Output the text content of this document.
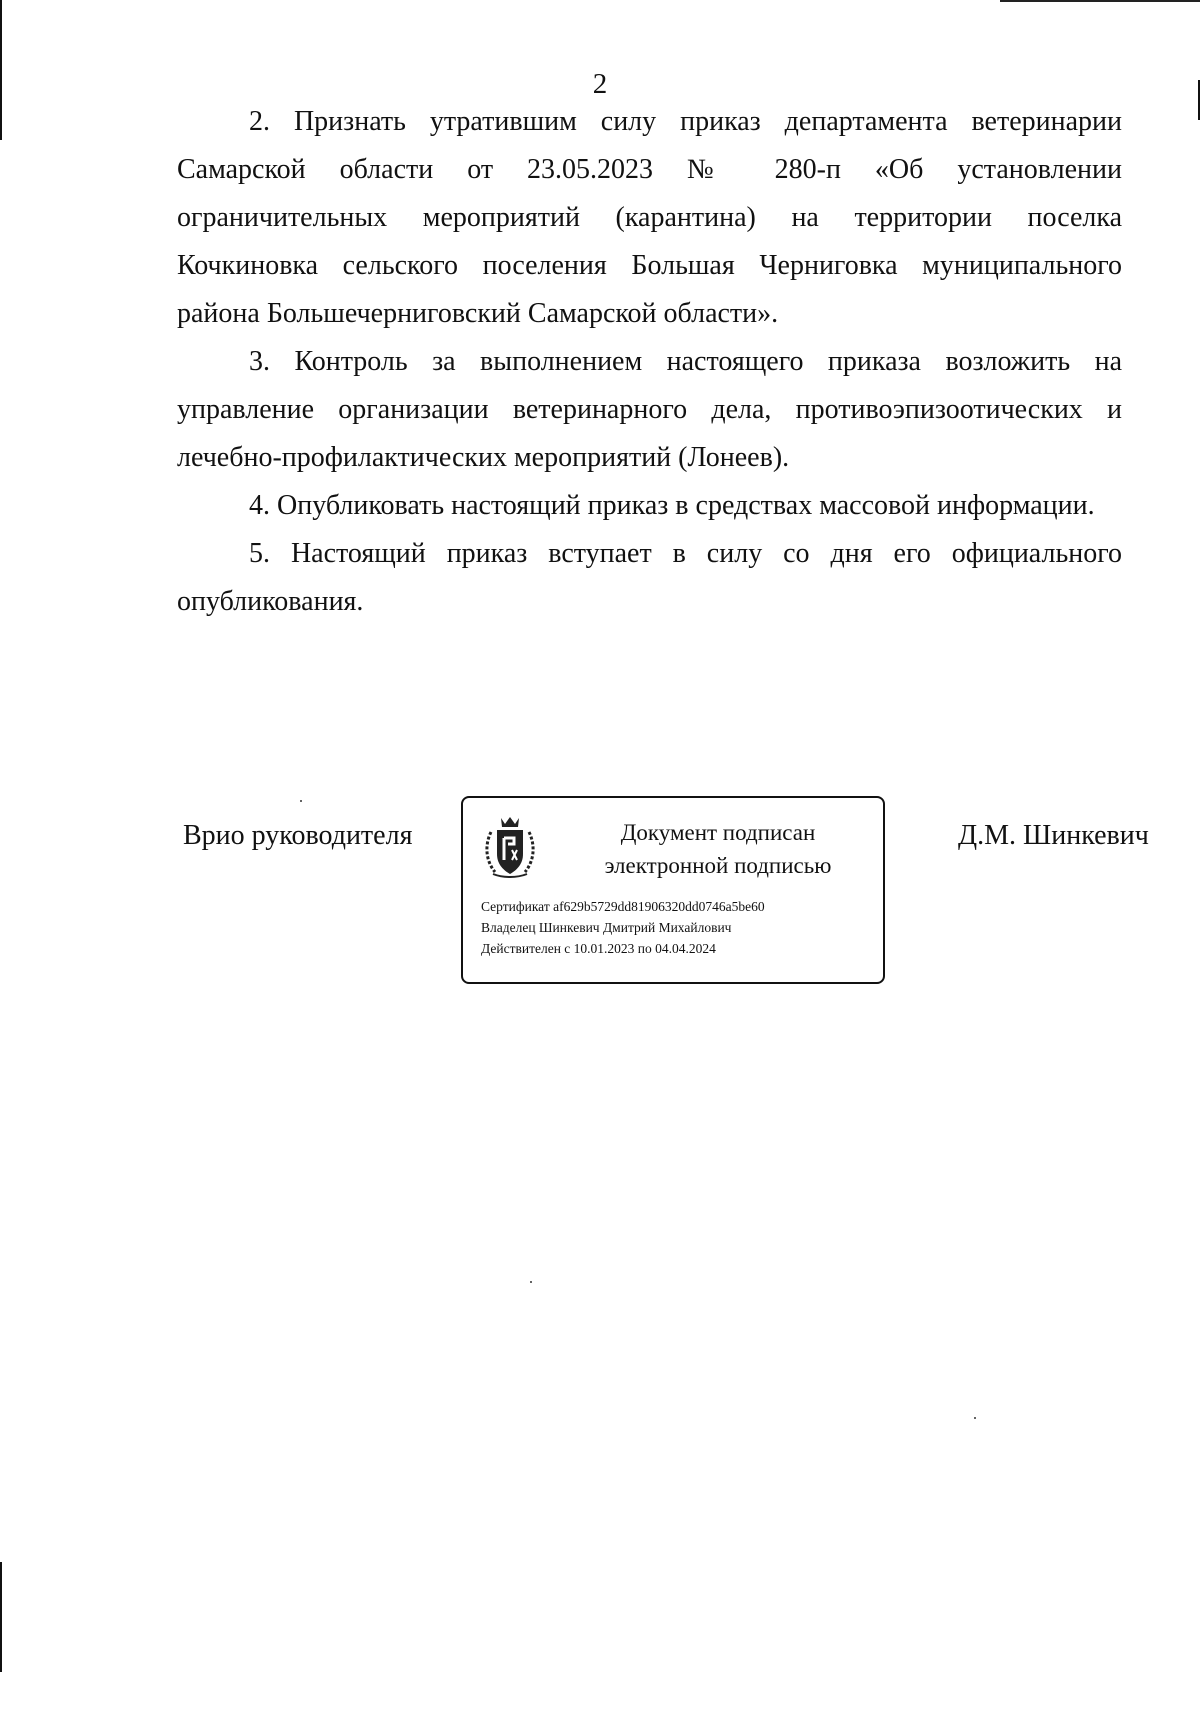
2

2. Признать утратившим силу приказ департамента ветеринарии Самарской области от 23.05.2023 № 280-п «Об установлении ограничительных мероприятий (карантина) на территории поселка Кочкиновка сельского поселения Большая Черниговка муниципального района Большечерниговский Самарской области».

3. Контроль за выполнением настоящего приказа возложить на управление организации ветеринарного дела, противоэпизоотических и лечебно-профилактических мероприятий (Лонеев).

4. Опубликовать настоящий приказ в средствах массовой информации.

5. Настоящий приказ вступает в силу со дня его официального опубликования.

Врио руководителя	Документ подписан
электронной подписью
Сертификат af629b5729dd81906320dd0746a5be60
Владелец Шинкевич Дмитрий Михайлович
Действителен с 10.01.2023 по 04.04.2024
Д.М. Шинкевич
